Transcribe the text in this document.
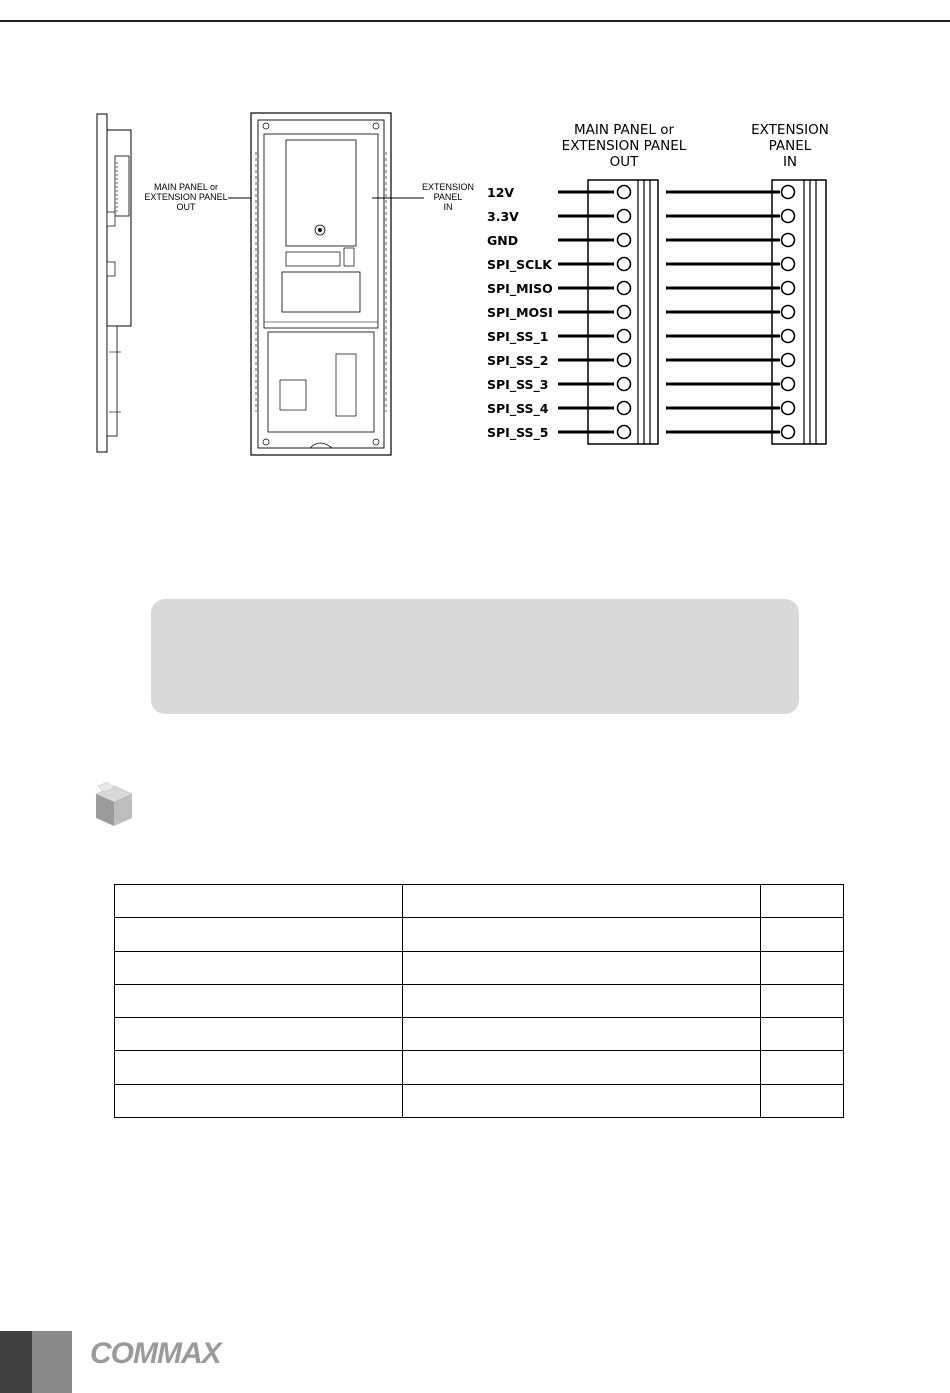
MAIN PANEL or
EXTENSION PANEL
OUT
EXTENSION
PANEL
IN
MAIN PANEL or
EXTENSION PANEL
OUT
EXTENSION
PANEL
IN
12V
3.3V
GND
SPI_SCLK
SPI_MISO
SPI_MOSI
SPI_SS_1
SPI_SS_2
SPI_SS_3
SPI_SS_4
SPI_SS_5

COMMAX
